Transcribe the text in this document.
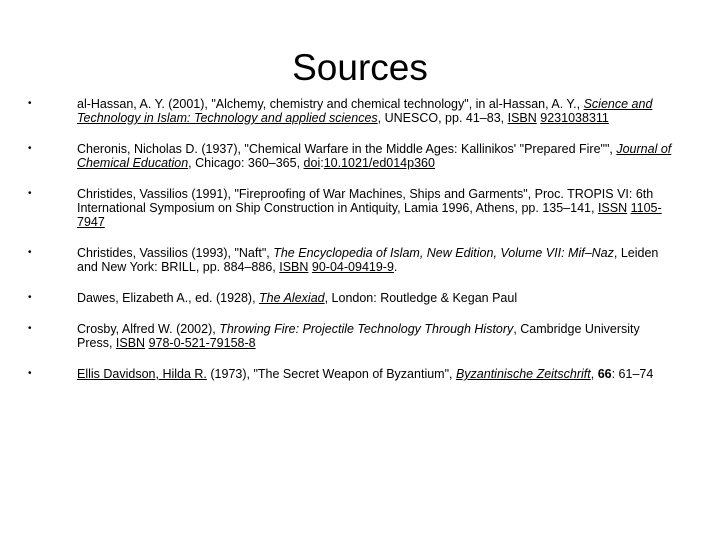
Sources
•	al-Hassan, A. Y. (2001), "Alchemy, chemistry and chemical technology", in al-Hassan, A. Y., Science and Technology in Islam: Technology and applied sciences, UNESCO, pp. 41–83, ISBN 9231038311
•	Cheronis, Nicholas D. (1937), "Chemical Warfare in the Middle Ages: Kallinikos' "Prepared Fire"", Journal of Chemical Education, Chicago: 360–365, doi:10.1021/ed014p360
•	Christides, Vassilios (1991), "Fireproofing of War Machines, Ships and Garments", Proc. TROPIS VI: 6th International Symposium on Ship Construction in Antiquity, Lamia 1996, Athens, pp. 135–141, ISSN 1105-7947
•	Christides, Vassilios (1993), "Naft", The Encyclopedia of Islam, New Edition, Volume VII: Mif–Naz, Leiden and New York: BRILL, pp. 884–886, ISBN 90-04-09419-9.
•	Dawes, Elizabeth A., ed. (1928), The Alexiad, London: Routledge & Kegan Paul
•	Crosby, Alfred W. (2002), Throwing Fire: Projectile Technology Through History, Cambridge University Press, ISBN 978-0-521-79158-8
•	Ellis Davidson, Hilda R. (1973), "The Secret Weapon of Byzantium", Byzantinische Zeitschrift, 66: 61–74
